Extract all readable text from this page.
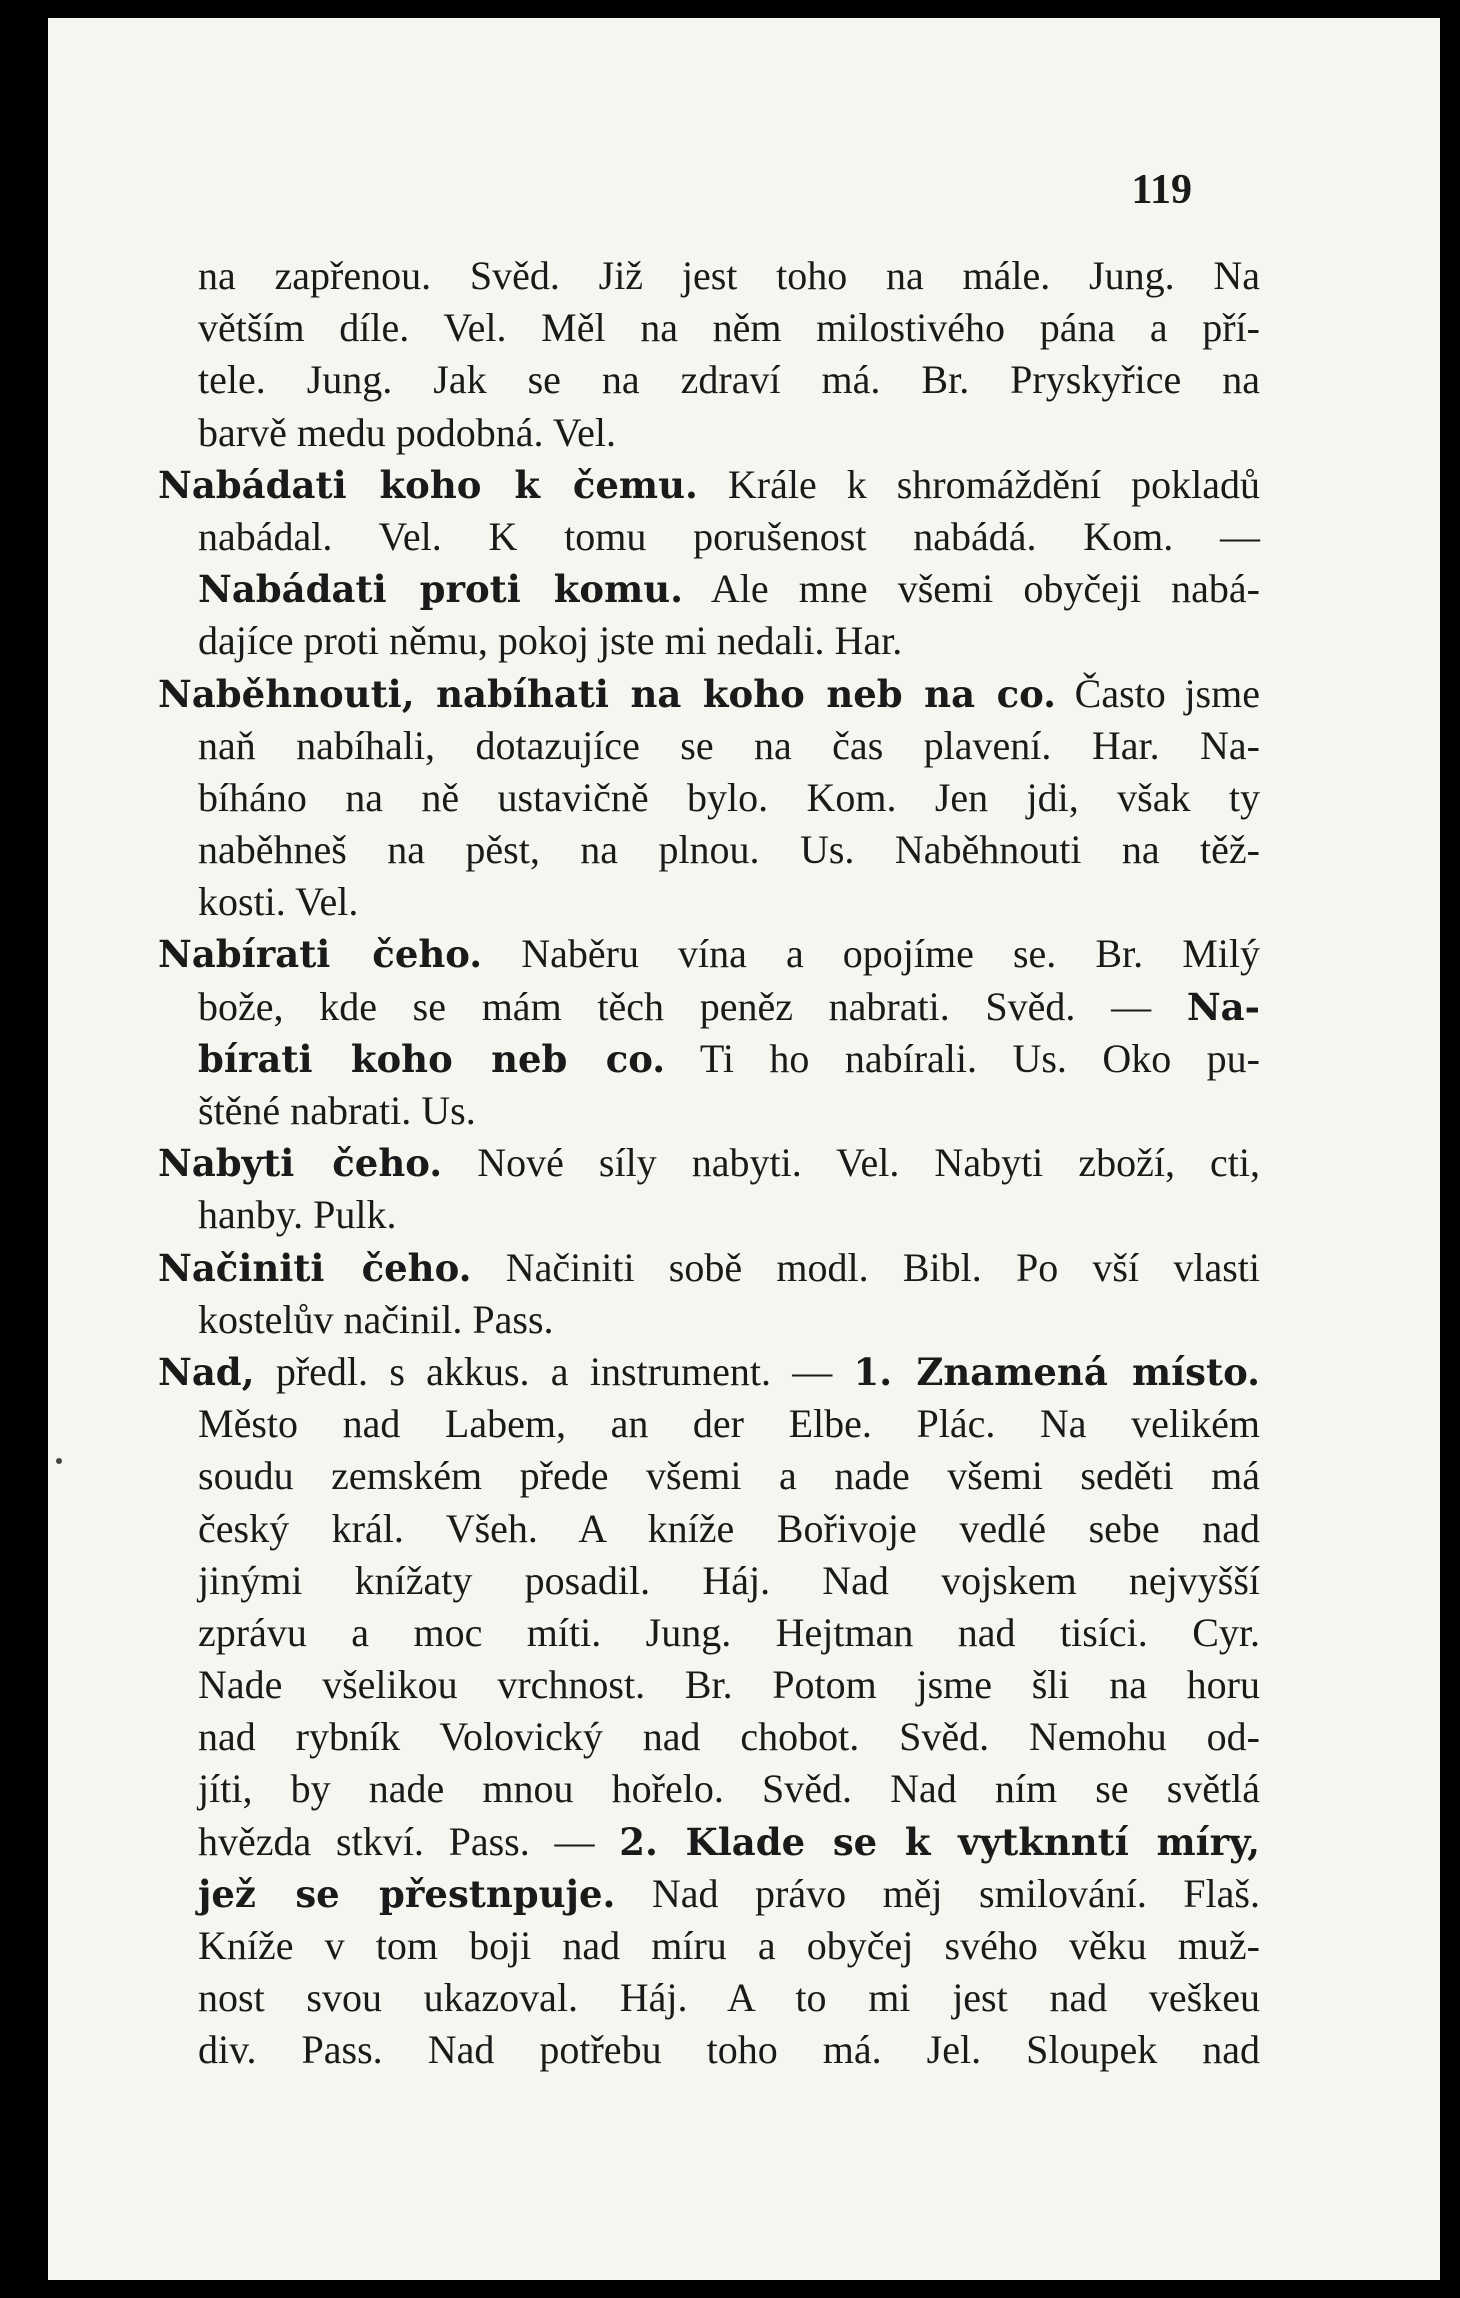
119
na zapřenou. Svěd. Již jest toho na mále. Jung. Na
větším díle. Vel. Měl na něm milostivého pána a pří-
tele. Jung. Jak se na zdraví má. Br. Pryskyřice na
barvě medu podobná. Vel.
Nabádati koho k čemu. Krále k shromáždění pokladů
nabádal. Vel. K tomu porušenost nabádá. Kom. —
Nabádati proti komu. Ale mne všemi obyčeji nabá-
dajíce proti němu, pokoj jste mi nedali. Har.
Naběhnouti, nabíhati na koho neb na co. Často jsme
naň nabíhali, dotazujíce se na čas plavení. Har. Na-
bíháno na ně ustavičně bylo. Kom. Jen jdi, však ty
naběhneš na pěst, na plnou. Us. Naběhnouti na těž-
kosti. Vel.
Nabírati čeho. Naběru vína a opojíme se. Br. Milý
bože, kde se mám těch peněz nabrati. Svěd. — Na-
bírati koho neb co. Ti ho nabírali. Us. Oko pu-
štěné nabrati. Us.
Nabyti čeho. Nové síly nabyti. Vel. Nabyti zboží, cti,
hanby. Pulk.
Načiniti čeho. Načiniti sobě modl. Bibl. Po vší vlasti
kostelův načinil. Pass.
Nad, předl. s akkus. a instrument. — 1. Znamená místo.
Město nad Labem, an der Elbe. Plác. Na velikém
soudu zemském přede všemi a nade všemi seděti má
český král. Všeh. A kníže Bořivoje vedlé sebe nad
jinými knížaty posadil. Háj. Nad vojskem nejvyšší
zprávu a moc míti. Jung. Hejtman nad tisíci. Cyr.
Nade všelikou vrchnost. Br. Potom jsme šli na horu
nad rybník Volovický nad chobot. Svěd. Nemohu od-
jíti, by nade mnou hořelo. Svěd. Nad ním se světlá
hvězda stkví. Pass. — 2. Klade se k vytknntí míry,
jež se přestnpuje. Nad právo měj smilování. Flaš.
Kníže v tom boji nad míru a obyčej svého věku muž-
nost svou ukazoval. Háj. A to mi jest nad veškeu
div. Pass. Nad potřebu toho má. Jel. Sloupek nad
